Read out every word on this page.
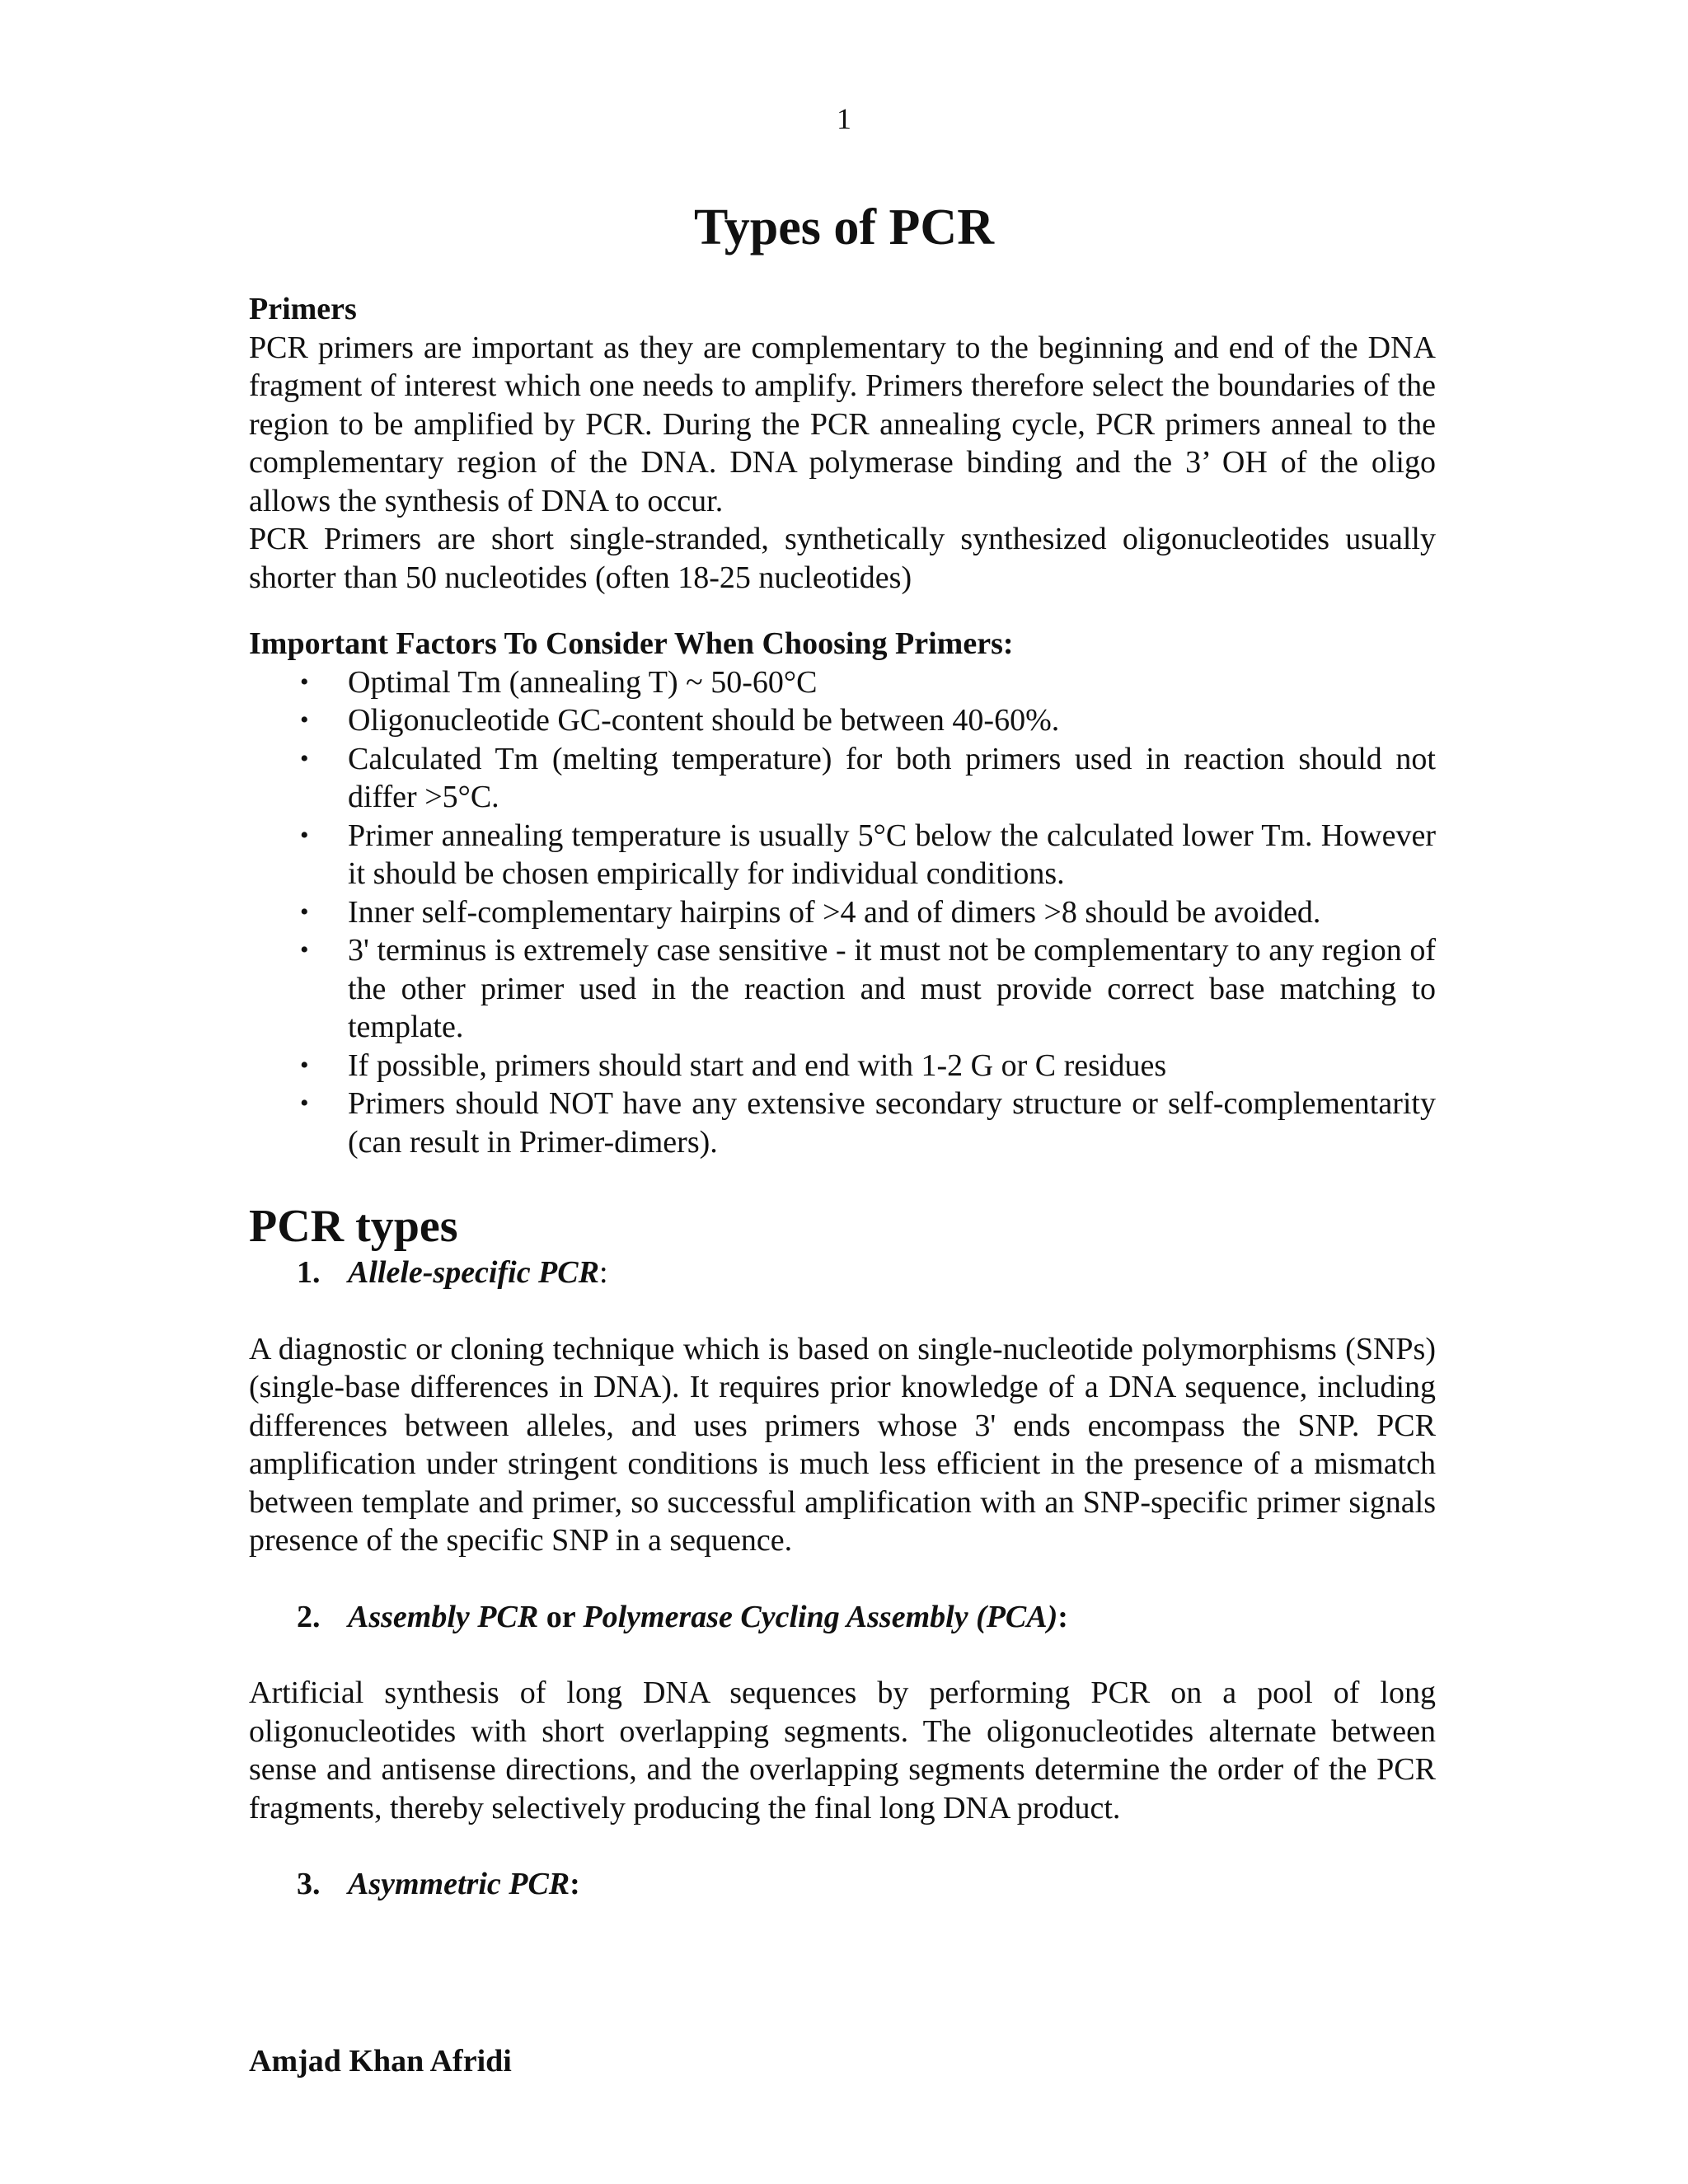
1
Types of PCR

Primers

PCR primers are important as they are complementary to the beginning and end of the DNA fragment of interest which one needs to amplify. Primers therefore select the boundaries of the region to be amplified by PCR. During the PCR annealing cycle, PCR primers anneal to the complementary region of the DNA. DNA polymerase binding and the 3’ OH of the oligo allows the synthesis of DNA to occur.

PCR Primers are short single-stranded, synthetically synthesized oligonucleotides usually shorter than 50 nucleotides (often 18-25 nucleotides)

Important Factors To Consider When Choosing Primers:

• Optimal Tm (annealing T) ~ 50-60°C
• Oligonucleotide GC-content should be between 40-60%.
• Calculated Tm (melting temperature) for both primers used in reaction should not differ >5°C.
• Primer annealing temperature is usually 5°C below the calculated lower Tm. However it should be chosen empirically for individual conditions.
• Inner self-complementary hairpins of >4 and of dimers >8 should be avoided.
• 3' terminus is extremely case sensitive - it must not be complementary to any region of the other primer used in the reaction and must provide correct base matching to template.
• If possible, primers should start and end with 1-2 G or C residues
• Primers should NOT have any extensive secondary structure or self-complementarity (can result in Primer-dimers).
PCR types

1. Allele-specific PCR:

A diagnostic or cloning technique which is based on single-nucleotide polymorphisms (SNPs) (single-base differences in DNA). It requires prior knowledge of a DNA sequence, including differences between alleles, and uses primers whose 3' ends encompass the SNP. PCR amplification under stringent conditions is much less efficient in the presence of a mismatch between template and primer, so successful amplification with an SNP-specific primer signals presence of the specific SNP in a sequence.

2. Assembly PCR or Polymerase Cycling Assembly (PCA):

Artificial synthesis of long DNA sequences by performing PCR on a pool of long oligonucleotides with short overlapping segments. The oligonucleotides alternate between sense and antisense directions, and the overlapping segments determine the order of the PCR fragments, thereby selectively producing the final long DNA product.

3. Asymmetric PCR:

Amjad Khan Afridi
